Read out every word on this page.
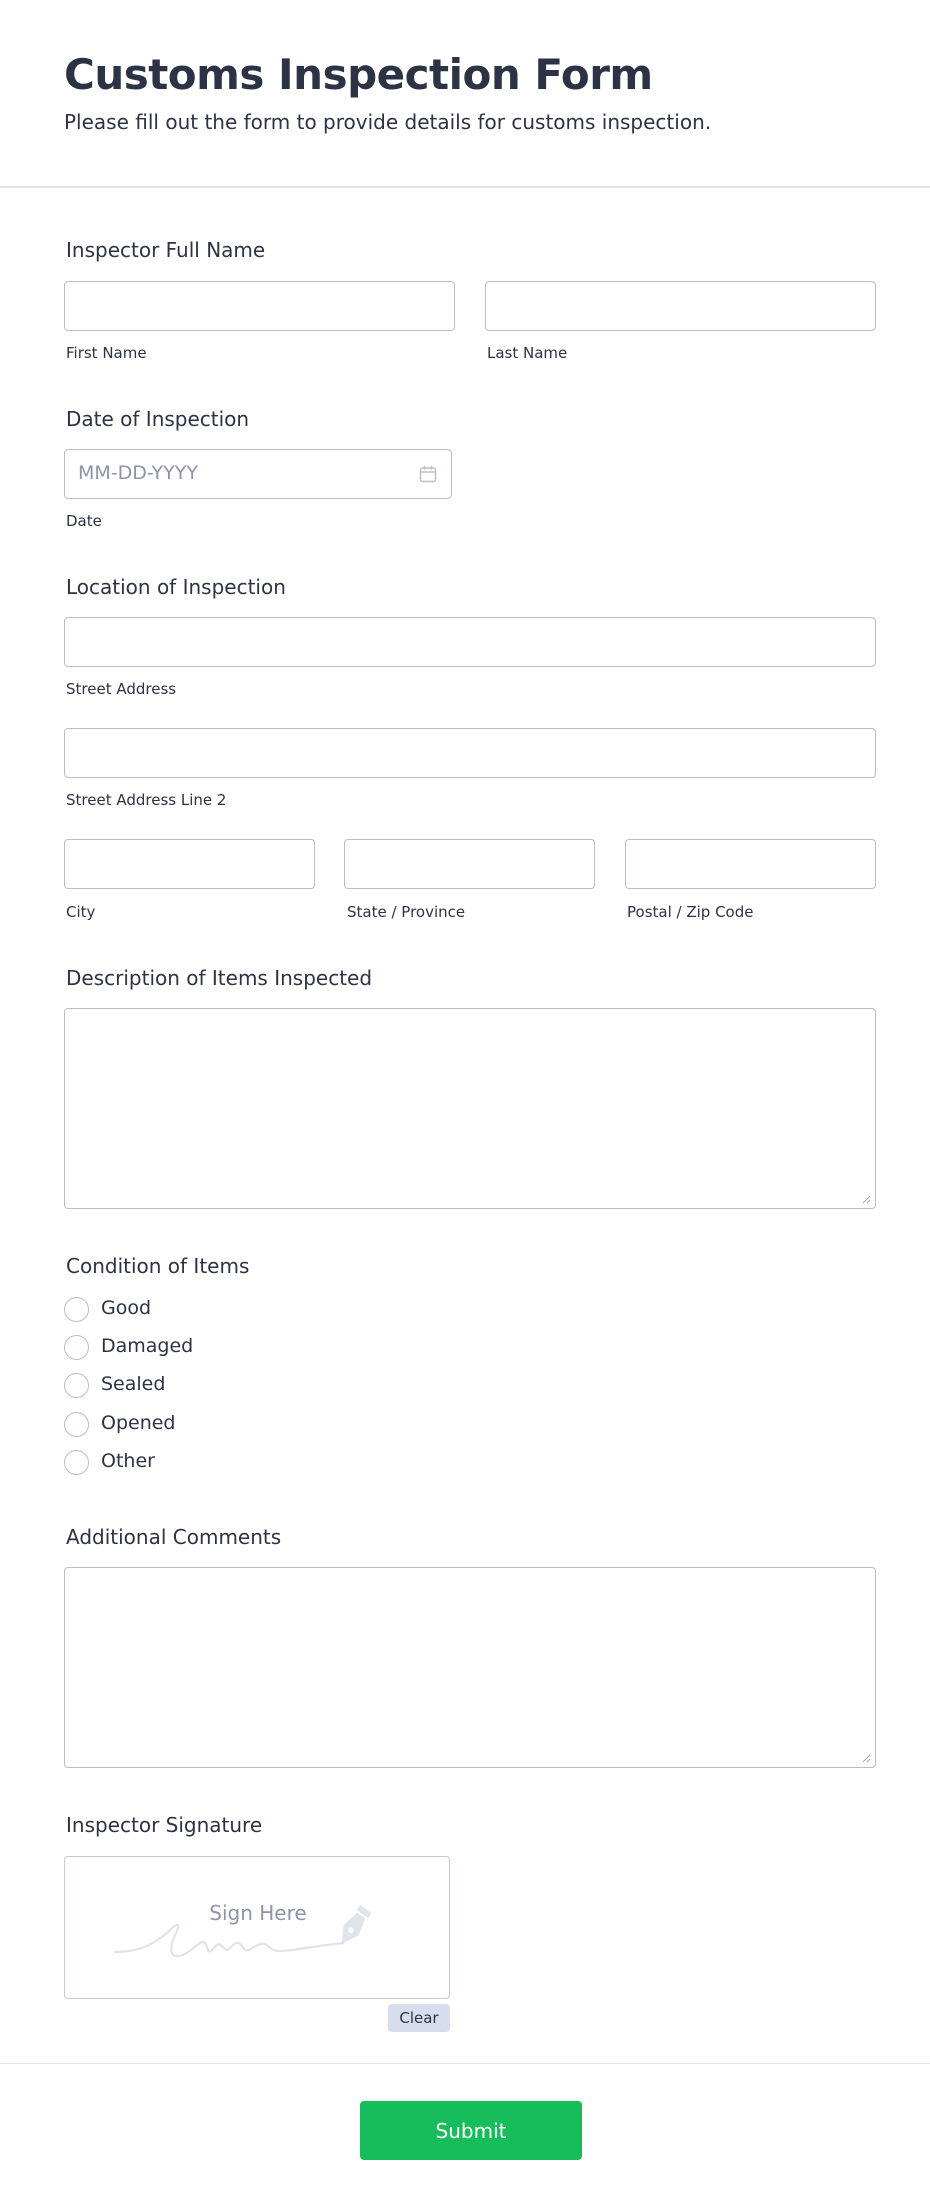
Customs Inspection Form
Please fill out the form to provide details for customs inspection.
Inspector Full Name
First Name	Last Name
Date of Inspection
MM-DD-YYYY
Date
Location of Inspection
Street Address
Street Address Line 2
City	State / Province	Postal / Zip Code
Description of Items Inspected
Condition of Items
Good
Damaged
Sealed
Opened
Other
Additional Comments
Inspector Signature
Sign Here
Clear
Submit
